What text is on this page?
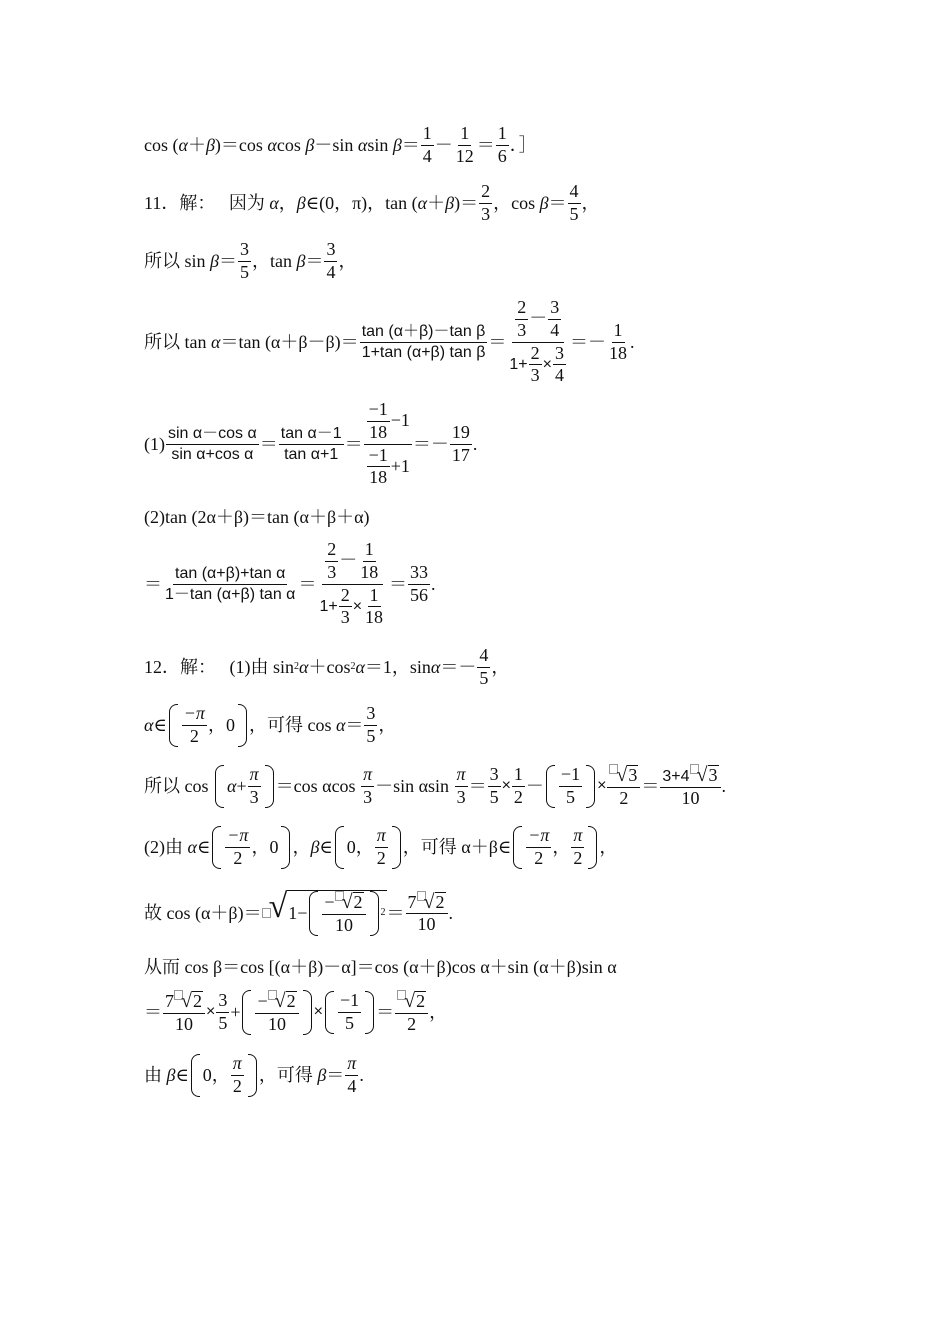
cos ( α ＋ β )＝cos α cos β －sin α $\sin \beta = \frac{1}{4} - \frac{1}{12} = \frac{1}{6}$ ．］
11．解：
因为 α ， β ∈(0，π)，tan ( α ＋ β )＝ $\frac{2}{3}$ ，$\cos \beta = \frac{4}{5}$ ，
所以 $\sin \beta = \frac{3}{5}$ ，$\tan \beta = \frac{3}{4}$ ，
所以 tan α ＝tan $(\alpha+\beta-\beta)= \frac{\text{tan (α＋β)－tan β}}{\text{1+tan (α+β) tan β}} = \frac{\frac{2}{3} - \frac{3}{4}}{1+ \frac{2}{3} \times \frac{3}{4}}$ ＝ － $\frac{1}{18}$ .
$(1) \frac{\text{sin α－cos α}}{\text{sin α+cos α}} = \frac{\text{tan α－1}}{\text{tan α+1}} = \frac{\frac{-1}{18} -1}{\frac{-1}{18} +1}$ ＝ － $\frac{19}{17}$ .
(2)tan (2α＋β)＝tan (α＋β＋α)
＝ $\frac{\text{tan (α+β)+tan α}}{\text{1－tan (α+β) tan α}} = \frac{\frac{2}{3} - \frac{1}{18}}{1+ \frac{2}{3} \times \frac{1}{18}} = \frac{33}{56}$ .
12．解：
(1)由 sin 2 α ＋cos 2 α ＝1，$\sin \alpha =- \frac{4}{5}$ ，
α ∈ $\frac{-\pi}{2}$ ， 0 ，可得 $\cos \alpha = \frac{3}{5}$ ，
所以 $\cos \alpha + \frac{\pi}{3} =\cos$ αcos $\frac{\pi}{3} -\sin$ αsin $\frac{\pi}{3} = \frac{3}{5} \times \frac{1}{2} - \frac{-1}{5} \times \frac{√ 3}{2} = \frac{3+4 √ 3}{10}$ .
(2)由 α ∈ $\frac{-\pi}{2}$ ， 0 ， β ∈ 0 ， $\frac{\pi}{2}$ ，可得 α＋β∈ $\frac{-\pi}{2}$ ， $\frac{\pi}{2}$ ，
故 cos (α＋β)＝ √ $1- \frac{- √ 2}{10} 2 = \frac{7 √ 2}{10}$ .
从而 cos β＝cos [(α＋β)－α]＝cos (α＋β)cos α＋sin (α＋β)sin α
＝ $\frac{7 √ 2}{10} \times \frac{3}{5} + \frac{- √ 2}{10} \times \frac{-1}{5} = \frac{√ 2}{2}$ ，
由 β ∈ 0 ， $\frac{\pi}{2}$ ，可得 $\beta = \frac{\pi}{4}$ .
